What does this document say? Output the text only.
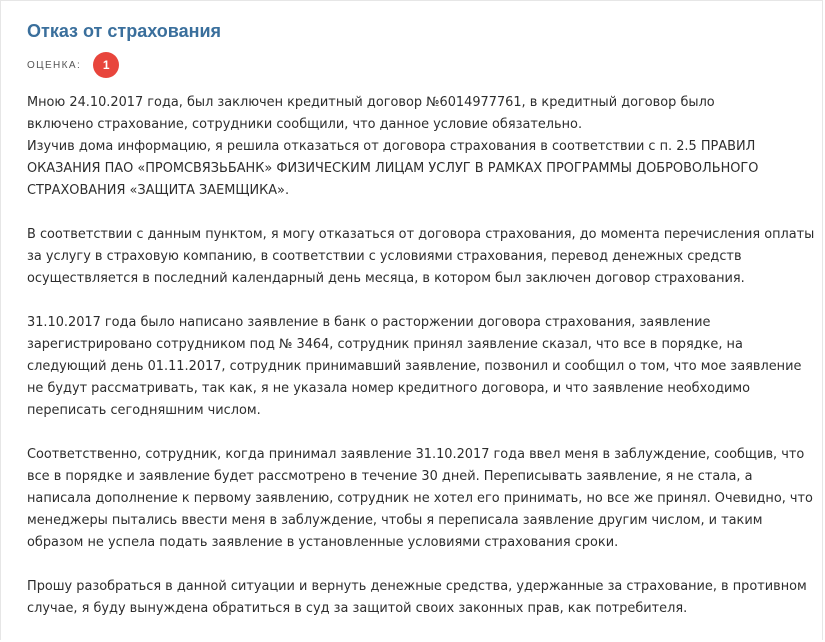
Отказ от страхования
ОЦЕНКА:	1

Мною 24.10.2017 года, был заключен кредитный договор №6014977761, в кредитный договор было
включено страхование, сотрудники сообщили, что данное условие обязательно.
Изучив дома информацию, я решила отказаться от договора страхования в соответствии с п. 2.5 ПРАВИЛ
ОКАЗАНИЯ ПАО «ПРОМСВЯЗЬБАНК» ФИЗИЧЕСКИМ ЛИЦАМ УСЛУГ В РАМКАХ ПРОГРАММЫ ДОБРОВОЛЬНОГО
СТРАХОВАНИЯ «ЗАЩИТА ЗАЕМЩИКА».

В соответствии с данным пунктом, я могу отказаться от договора страхования, до момента перечисления оплаты
за услугу в страховую компанию, в соответствии с условиями страхования, перевод денежных средств
осуществляется в последний календарный день месяца, в котором был заключен договор страхования.

31.10.2017 года было написано заявление в банк о расторжении договора страхования, заявление
зарегистрировано сотрудником под № 3464, сотрудник принял заявление сказал, что все в порядке, на
следующий день 01.11.2017, сотрудник принимавший заявление, позвонил и сообщил о том, что мое заявление
не будут рассматривать, так как, я не указала номер кредитного договора, и что заявление необходимо
переписать сегодняшним числом.

Соответственно, сотрудник, когда принимал заявление 31.10.2017 года ввел меня в заблуждение, сообщив, что
все в порядке и заявление будет рассмотрено в течение 30 дней. Переписывать заявление, я не стала, а
написала дополнение к первому заявлению, сотрудник не хотел его принимать, но все же принял. Очевидно, что
менеджеры пытались ввести меня в заблуждение, чтобы я переписала заявление другим числом, и таким
образом не успела подать заявление в установленные условиями страхования сроки.

Прошу разобраться в данной ситуации и вернуть денежные средства, удержанные за страхование, в противном
случае, я буду вынуждена обратиться в суд за защитой своих законных прав, как потребителя.
